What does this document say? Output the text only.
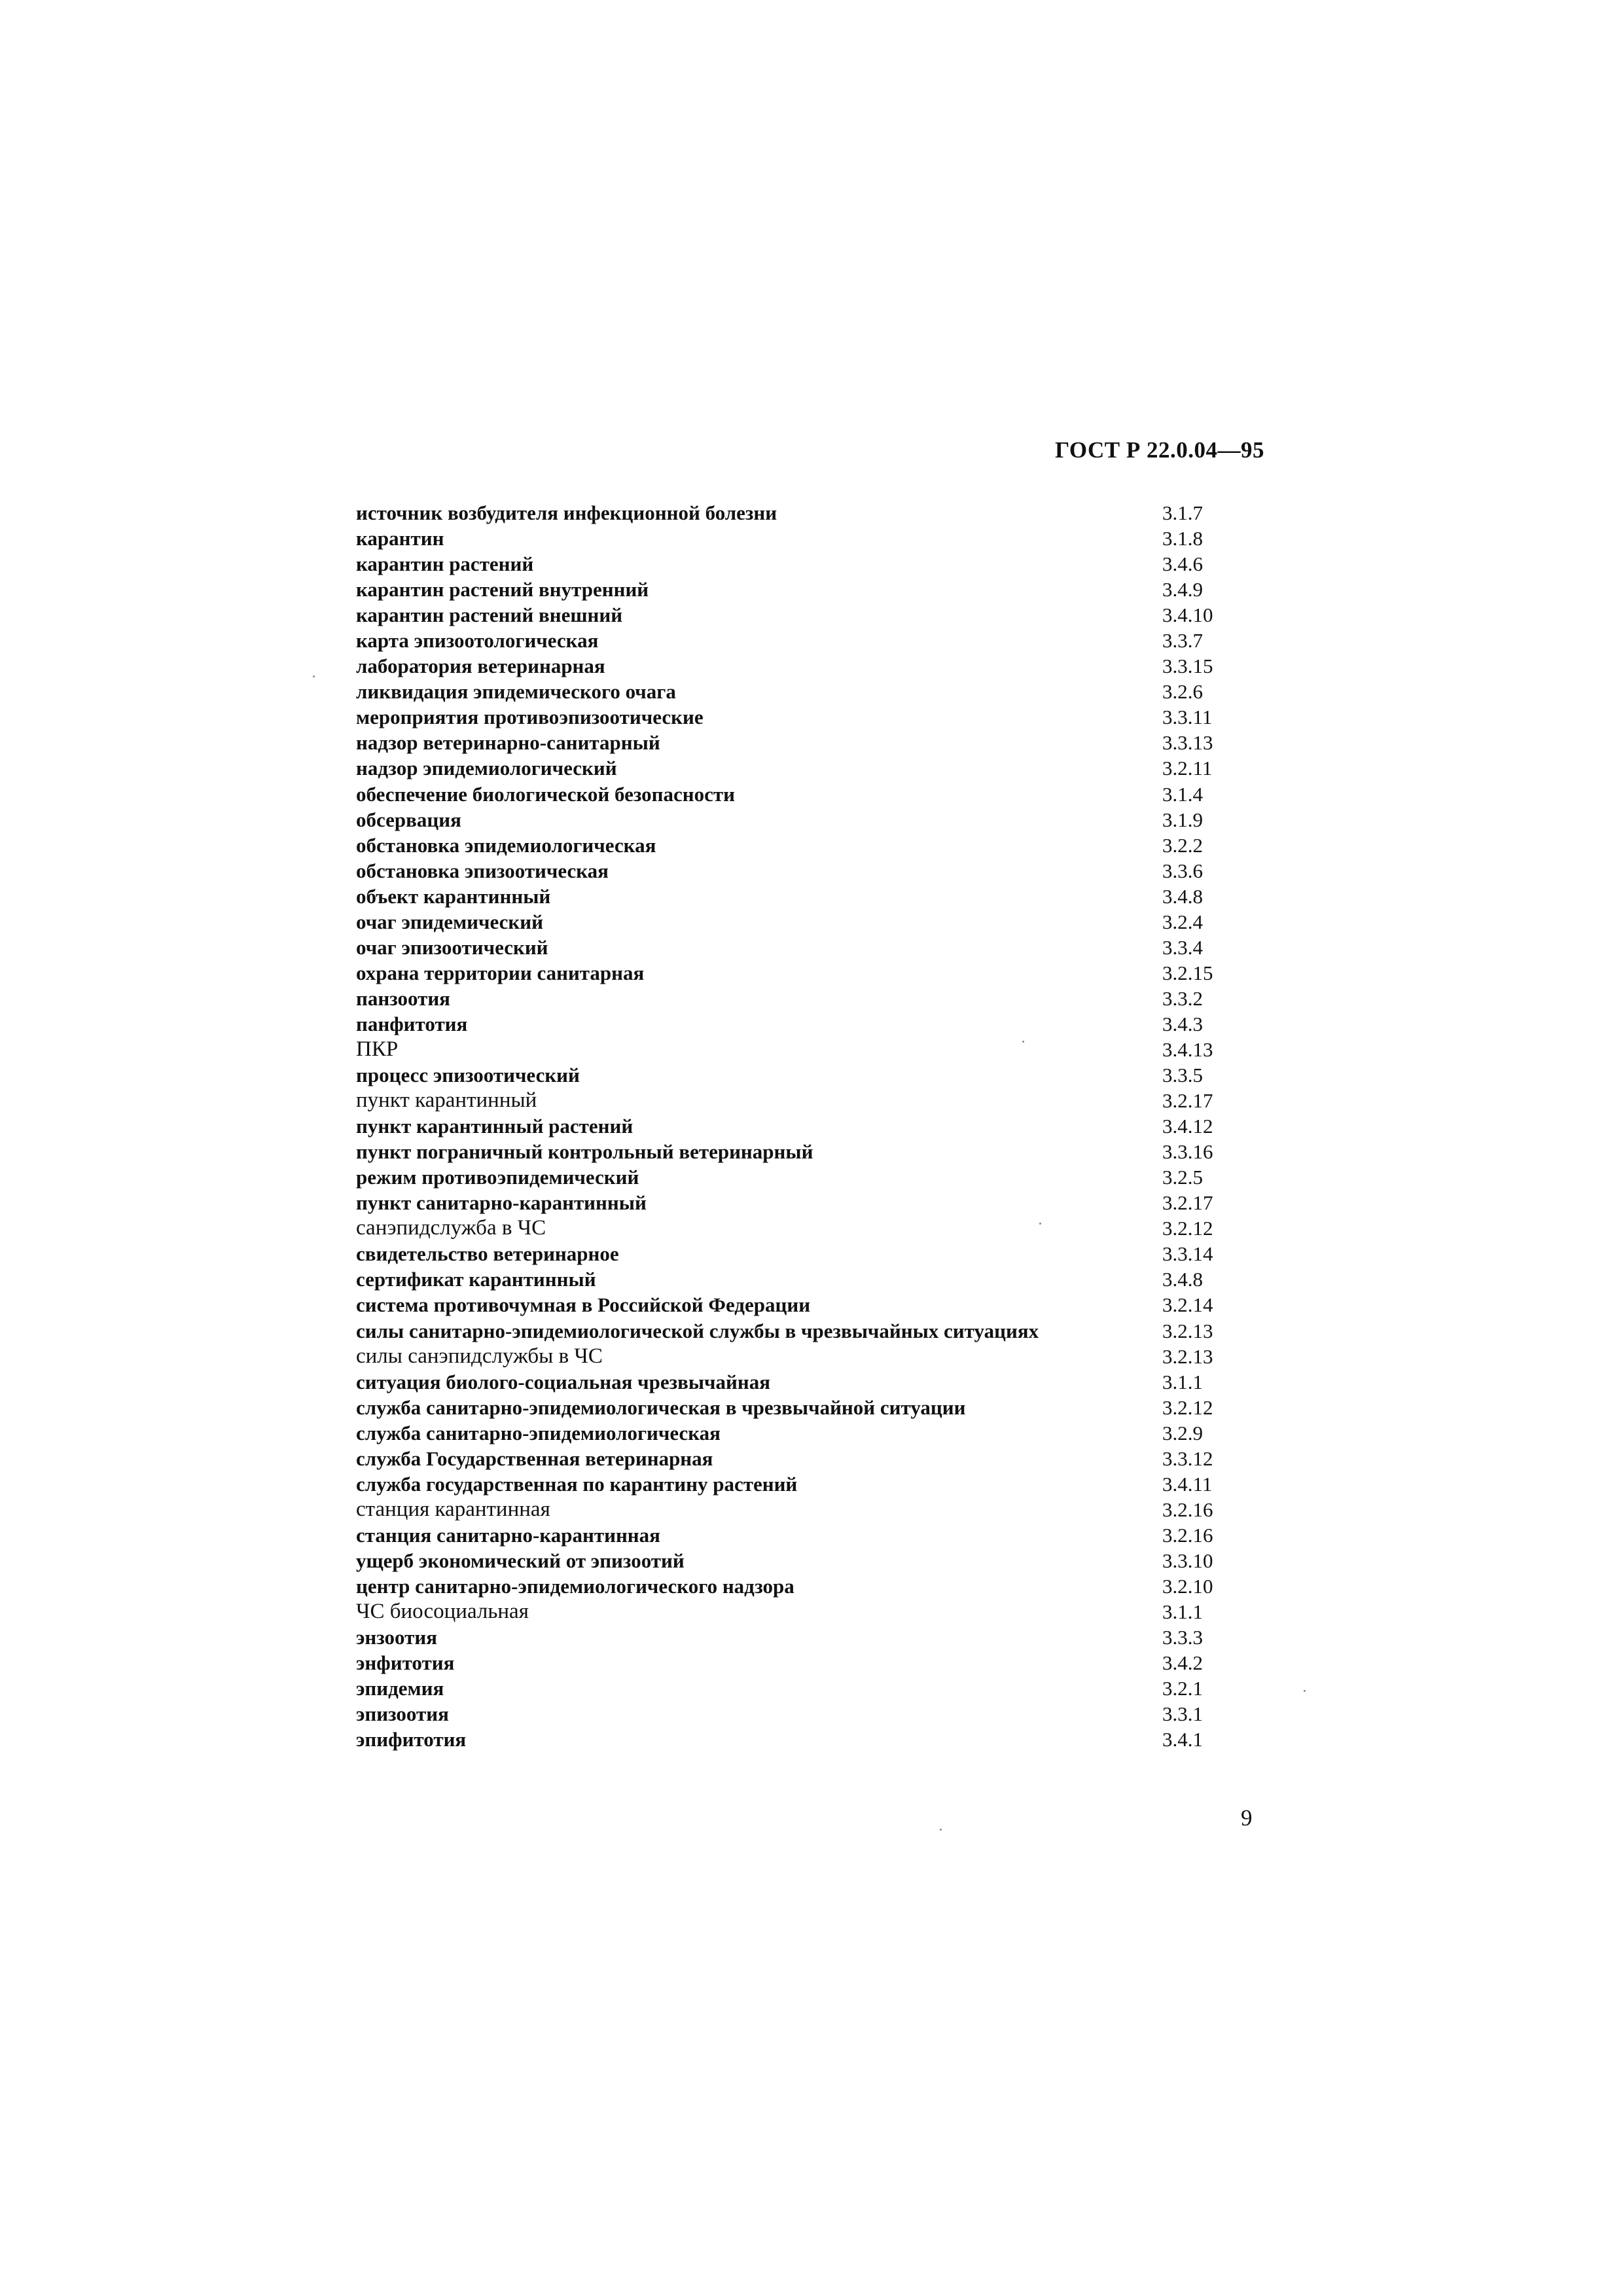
ГОСТ Р 22.0.04—95
источник возбудителя инфекционной болезни	3.1.7
карантин	3.1.8
карантин растений	3.4.6
карантин растений внутренний	3.4.9
карантин растений внешний	3.4.10
карта эпизоотологическая	3.3.7
лаборатория ветеринарная	3.3.15
ликвидация эпидемического очага	3.2.6
мероприятия противоэпизоотические	3.3.11
надзор ветеринарно-санитарный	3.3.13
надзор эпидемиологический	3.2.11
обеспечение биологической безопасности	3.1.4
обсервация	3.1.9
обстановка эпидемиологическая	3.2.2
обстановка эпизоотическая	3.3.6
объект карантинный	3.4.8
очаг эпидемический	3.2.4
очаг эпизоотический	3.3.4
охрана территории санитарная	3.2.15
панзоотия	3.3.2
панфитотия	3.4.3
ПКР	3.4.13
процесс эпизоотический	3.3.5
пункт карантинный	3.2.17
пункт карантинный растений	3.4.12
пункт пограничный контрольный ветеринарный	3.3.16
режим противоэпидемический	3.2.5
пункт санитарно-карантинный	3.2.17
санэпидслужба в ЧС	3.2.12
свидетельство ветеринарное	3.3.14
сертификат карантинный	3.4.8
система противочумная в Российской Федерации	3.2.14
силы санитарно-эпидемиологической службы в чрезвычайных ситуациях	3.2.13
силы санэпидслужбы в ЧС	3.2.13
ситуация биолого-социальная чрезвычайная	3.1.1
служба санитарно-эпидемиологическая в чрезвычайной ситуации	3.2.12
служба санитарно-эпидемиологическая	3.2.9
служба Государственная ветеринарная	3.3.12
служба государственная по карантину растений	3.4.11
станция карантинная	3.2.16
станция санитарно-карантинная	3.2.16
ущерб экономический от эпизоотий	3.3.10
центр санитарно-эпидемиологического надзора	3.2.10
ЧС биосоциальная	3.1.1
энзоотия	3.3.3
энфитотия	3.4.2
эпидемия	3.2.1
эпизоотия	3.3.1
эпифитотия	3.4.1
9
